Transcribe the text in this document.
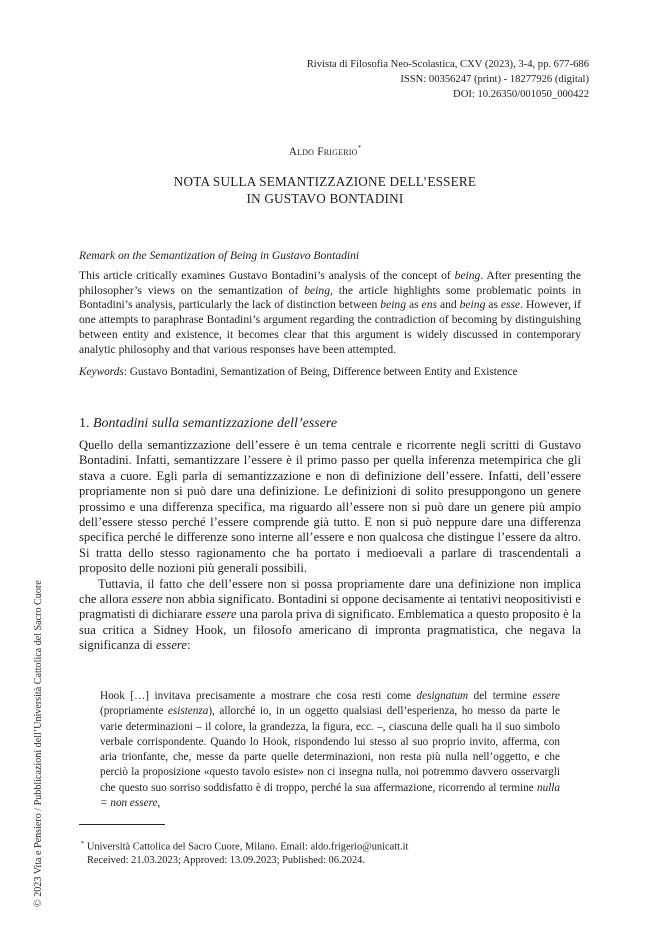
Rivista di Filosofia Neo-Scolastica, CXV (2023), 3-4, pp. 677-686
ISSN: 00356247 (print) - 18277926 (digital)
DOI: 10.26350/001050_000422
Aldo Frigerio*
NOTA SULLA SEMANTIZZAZIONE DELL’ESSERE
IN GUSTAVO BONTADINI

Remark on the Semantization of Being in Gustavo Bontadini

This article critically examines Gustavo Bontadini’s analysis of the concept of being. After presenting the philosopher’s views on the semantization of being, the article highlights some problematic points in Bontadini’s analysis, particularly the lack of distinction between being as ens and being as esse. However, if one attempts to paraphrase Bontadini’s argument regarding the contradiction of becoming by distinguishing between entity and existence, it becomes clear that this argument is widely discussed in contemporary analytic philosophy and that various responses have been attempted.

Keywords: Gustavo Bontadini, Semantization of Being, Difference between Entity and Existence

1. Bontadini sulla semantizzazione dell’essere

Quello della semantizzazione dell’essere è un tema centrale e ricorrente negli scritti di Gustavo Bontadini. Infatti, semantizzare l’essere è il primo passo per quella inferenza metempirica che gli stava a cuore. Egli parla di semantizzazione e non di definizione dell’essere. Infatti, dell’essere propriamente non si può dare una definizione. Le definizioni di solito presuppongono un genere prossimo e una differenza specifica, ma riguardo all’essere non si può dare un genere più ampio dell’essere stesso perché l’essere comprende già tutto. E non si può neppure dare una differenza specifica perché le differenze sono interne all’essere e non qualcosa che distingue l’essere da altro. Si tratta dello stesso ragionamento che ha portato i medioevali a parlare di trascendentali a proposito delle nozioni più generali possibili.

Tuttavia, il fatto che dell’essere non si possa propriamente dare una definizione non implica che allora essere non abbia significato. Bontadini si oppone decisamente ai tentativi neopositivisti e pragmatisti di dichiarare essere una parola priva di significato. Emblematica a questo proposito è la sua critica a Sidney Hook, un filosofo americano di impronta pragmatistica, che negava la significanza di essere:

Hook […] invitava precisamente a mostrare che cosa resti come designatum del termine essere (propriamente esistenza), allorché io, in un oggetto qualsiasi dell’esperienza, ho messo da parte le varie determinazioni – il colore, la grandezza, la figura, ecc. –, ciascuna delle quali ha il suo simbolo verbale corrispondente. Quando lo Hook, rispondendo lui stesso al suo proprio invito, afferma, con aria trionfante, che, messe da parte quelle determinazioni, non resta più nulla nell’oggetto, e che perciò la proposizione «questo tavolo esiste» non ci insegna nulla, noi potremmo davvero osservargli che questo suo sorriso soddisfatto è di troppo, perché la sua affermazione, ricorrendo al termine nulla = non essere,

* Università Cattolica del Sacro Cuore, Milano. Email: aldo.frigerio@unicatt.it
Received: 21.03.2023; Approved: 13.09.2023; Published: 06.2024.
© 2023 Vita e Pensiero / Pubblicazioni dell’Università Cattolica del Sacro Cuore
